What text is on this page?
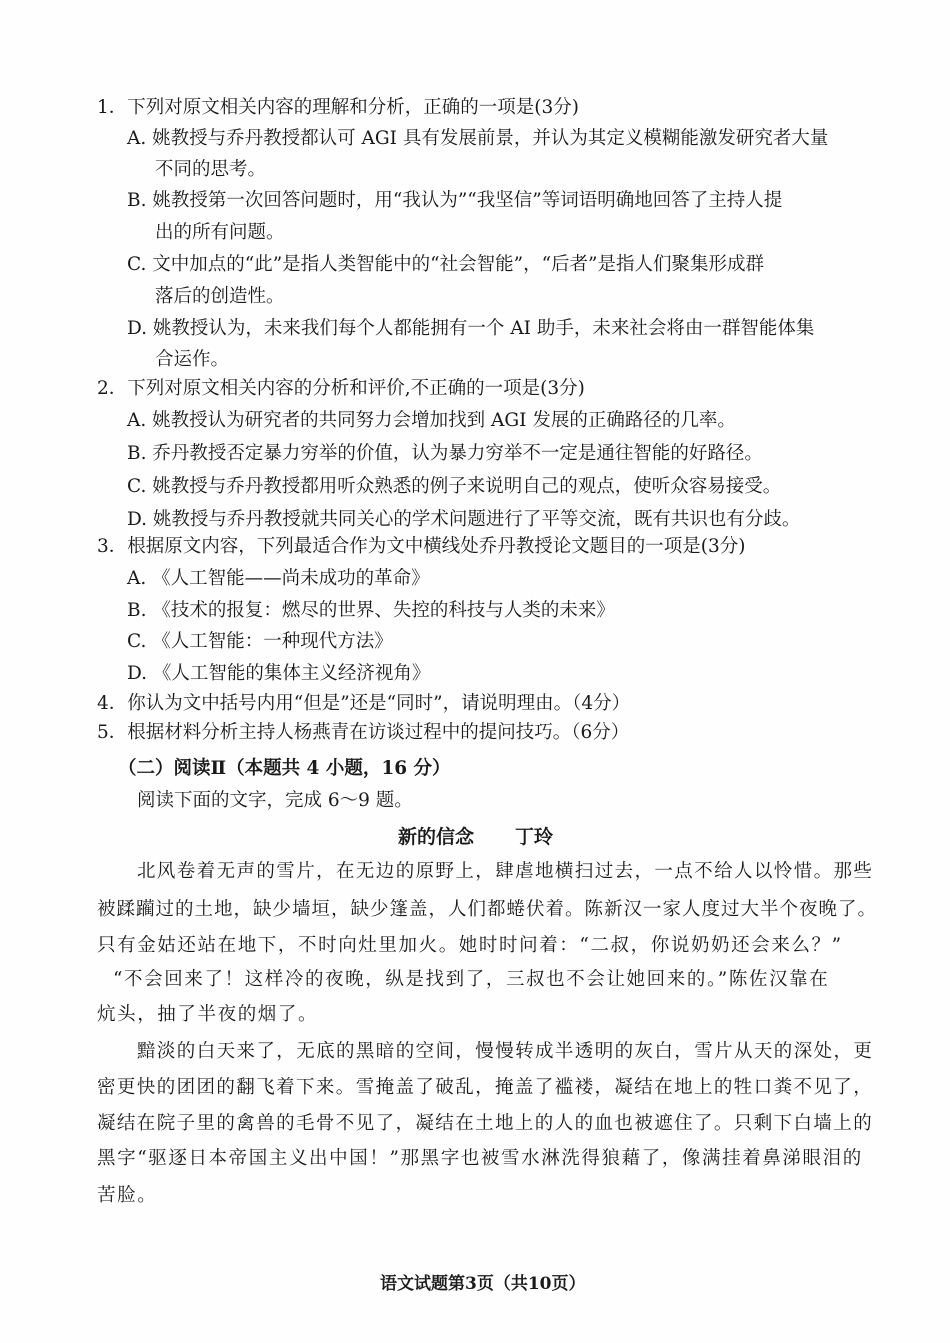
1．下列对原文相关内容的理解和分析，正确的一项是(3分)
A. 姚教授与乔丹教授都认可 AGI 具有发展前景，并认为其定义模糊能激发研究者大量
不同的思考。
B. 姚教授第一次回答问题时，用“我认为”“我坚信”等词语明确地回答了主持人提
出的所有问题。
C. 文中加点的“此”是指人类智能中的“社会智能”，“后者”是指人们聚集形成群
落后的创造性。
D. 姚教授认为，未来我们每个人都能拥有一个 AI 助手，未来社会将由一群智能体集
合运作。
2．下列对原文相关内容的分析和评价,不正确的一项是(3分)
A. 姚教授认为研究者的共同努力会增加找到 AGI 发展的正确路径的几率。
B. 乔丹教授否定暴力穷举的价值，认为暴力穷举不一定是通往智能的好路径。
C. 姚教授与乔丹教授都用听众熟悉的例子来说明自己的观点，使听众容易接受。
D. 姚教授与乔丹教授就共同关心的学术问题进行了平等交流，既有共识也有分歧。
3．根据原文内容，下列最适合作为文中横线处乔丹教授论文题目的一项是(3分)
A. 《人工智能——尚未成功的革命》
B. 《技术的报复：燃尽的世界、失控的科技与人类的未来》
C. 《人工智能：一种现代方法》
D. 《人工智能的集体主义经济视角》
4．你认为文中括号内用“但是”还是“同时”，请说明理由。（4分）
5．根据材料分析主持人杨燕青在访谈过程中的提问技巧。（6分）
（二）阅读Ⅱ（本题共 4 小题，16 分）
阅读下面的文字，完成 6～9 题。
新的信念 丁玲
北风卷着无声的雪片，在无边的原野上，肆虐地横扫过去，一点不给人以怜惜。那些
被蹂躏过的土地，缺少墙垣，缺少篷盖，人们都蜷伏着。陈新汉一家人度过大半个夜晚了。
只有金姑还站在地下，不时向灶里加火。她时时问着：“二叔，你说奶奶还会来么？”
“不会回来了！这样冷的夜晚，纵是找到了，三叔也不会让她回来的。”陈佐汉靠在
炕头，抽了半夜的烟了。
黯淡的白天来了，无底的黑暗的空间，慢慢转成半透明的灰白，雪片从天的深处，更
密更快的团团的翻飞着下来。雪掩盖了破乱，掩盖了褴褛，凝结在地上的牲口粪不见了，
凝结在院子里的禽兽的毛骨不见了，凝结在土地上的人的血也被遮住了。只剩下白墙上的
黑字“驱逐日本帝国主义出中国！”那黑字也被雪水淋洗得狼藉了，像满挂着鼻涕眼泪的
苦脸。
语文试题第3页（共10页）
